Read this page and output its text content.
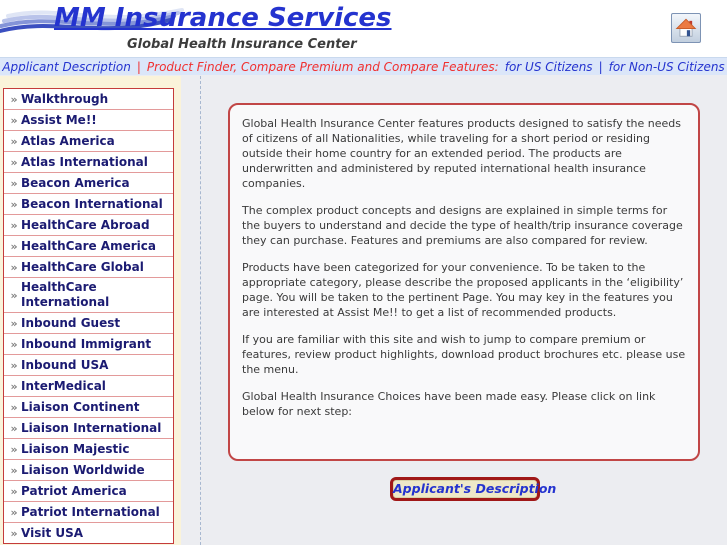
MM Insurance Services
Global Health Insurance Center
Applicant Description | Product Finder, Compare Premium and Compare Features: for US Citizens | for Non-US Citizens
» Walkthrough
» Assist Me!!
» Atlas America
» Atlas International
» Beacon America
» Beacon International
» HealthCare Abroad
» HealthCare America
» HealthCare Global
»
HealthCare International
» Inbound Guest
» Inbound Immigrant
» Inbound USA
» InterMedical
» Liaison Continent
» Liaison International
» Liaison Majestic
» Liaison Worldwide
» Patriot America
» Patriot International
» Visit USA

Global Health Insurance Center features products designed to satisfy the needs of citizens of all Nationalities, while traveling for a short period or residing outside their home country for an extended period. The products are underwritten and administered by reputed international health insurance companies.

The complex product concepts and designs are explained in simple terms for the buyers to understand and decide the type of health/trip insurance coverage they can purchase. Features and premiums are also compared for review.

Products have been categorized for your convenience. To be taken to the appropriate category, please describe the proposed applicants in the ‘eligibility’ page. You will be taken to the pertinent Page. You may key in the features you are interested at Assist Me!! to get a list of recommended products.

If you are familiar with this site and wish to jump to compare premium or features, review product highlights, download product brochures etc. please use the menu.

Global Health Insurance Choices have been made easy. Please click on link below for next step:

Applicant's Description
